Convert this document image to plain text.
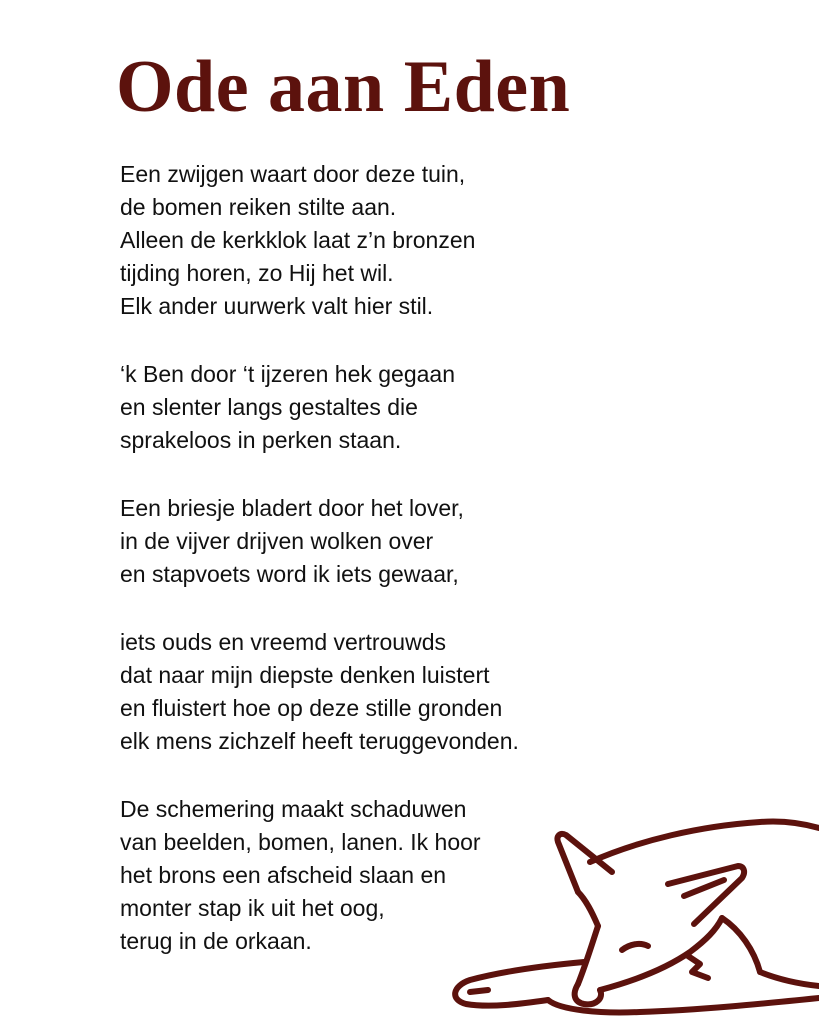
Ode aan Eden
Een zwijgen waart door deze tuin,
de bomen reiken stilte aan.
Alleen de kerkklok laat z’n bronzen
tijding horen, zo Hij het wil.
Elk ander uurwerk valt hier stil.
‘k Ben door ‘t ijzeren hek gegaan
en slenter langs gestaltes die
sprakeloos in perken staan.
Een briesje bladert door het lover,
in de vijver drijven wolken over
en stapvoets word ik iets gewaar,
iets ouds en vreemd vertrouwds
dat naar mijn diepste denken luistert
en fluistert hoe op deze stille gronden
elk mens zichzelf heeft teruggevonden.
De schemering maakt schaduwen
van beelden, bomen, lanen. Ik hoor
het brons een afscheid slaan en
monter stap ik uit het oog,
terug in de orkaan.
